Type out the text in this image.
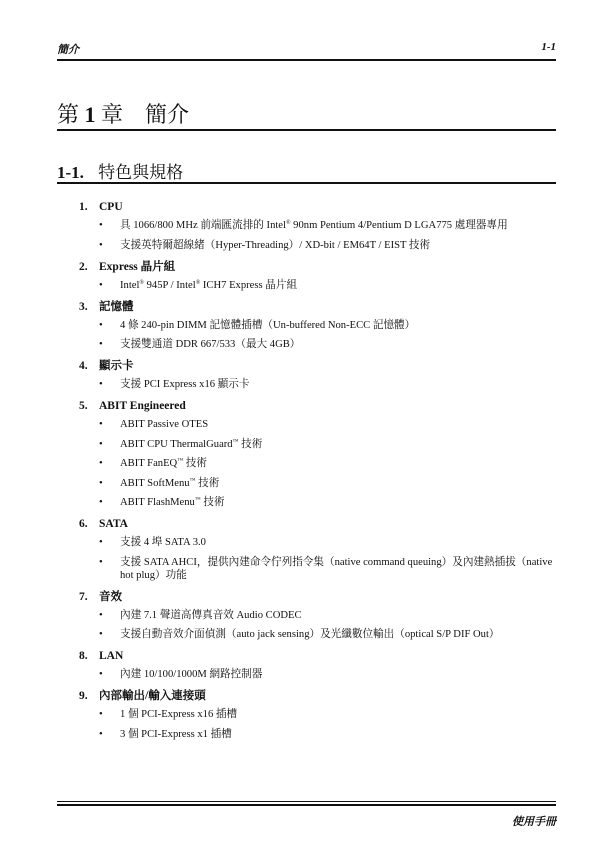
簡介	1-1
第 1 章 簡介
1-1. 特色與規格
1. CPU
• 具 1066/800 MHz 前端匯流排的 Intel® 90nm Pentium 4/Pentium D LGA775 處理器專用
• 支援英特爾超線緒（Hyper-Threading）/ XD-bit / EM64T / EIST 技術
2. Express 晶片組
• Intel® 945P / Intel® ICH7 Express 晶片組
3. 記憶體
• 4 條 240-pin DIMM 記憶體插槽（Un-buffered Non-ECC 記憶體）
• 支援雙通道 DDR 667/533（最大 4GB）
4. 顯示卡
• 支援 PCI Express x16 顯示卡
5. ABIT Engineered
• ABIT Passive OTES
• ABIT CPU ThermalGuard™ 技術
• ABIT FanEQ™ 技術
• ABIT SoftMenu™ 技術
• ABIT FlashMenu™ 技術
6. SATA
• 支援 4 埠 SATA 3.0
• 支援 SATA AHCI，提供內建命令佇列指令集（native command queuing）及內建熱插拔（native hot plug）功能
7. 音效
• 內建 7.1 聲道高傳真音效 Audio CODEC
• 支援自動音效介面偵測（auto jack sensing）及光纖數位輸出（optical S/P DIF Out）
8. LAN
• 內建 10/100/1000M 網路控制器
9. 內部輸出/輸入連接頭
• 1 個 PCI-Express x16 插槽
• 3 個 PCI-Express x1 插槽
使用手冊
